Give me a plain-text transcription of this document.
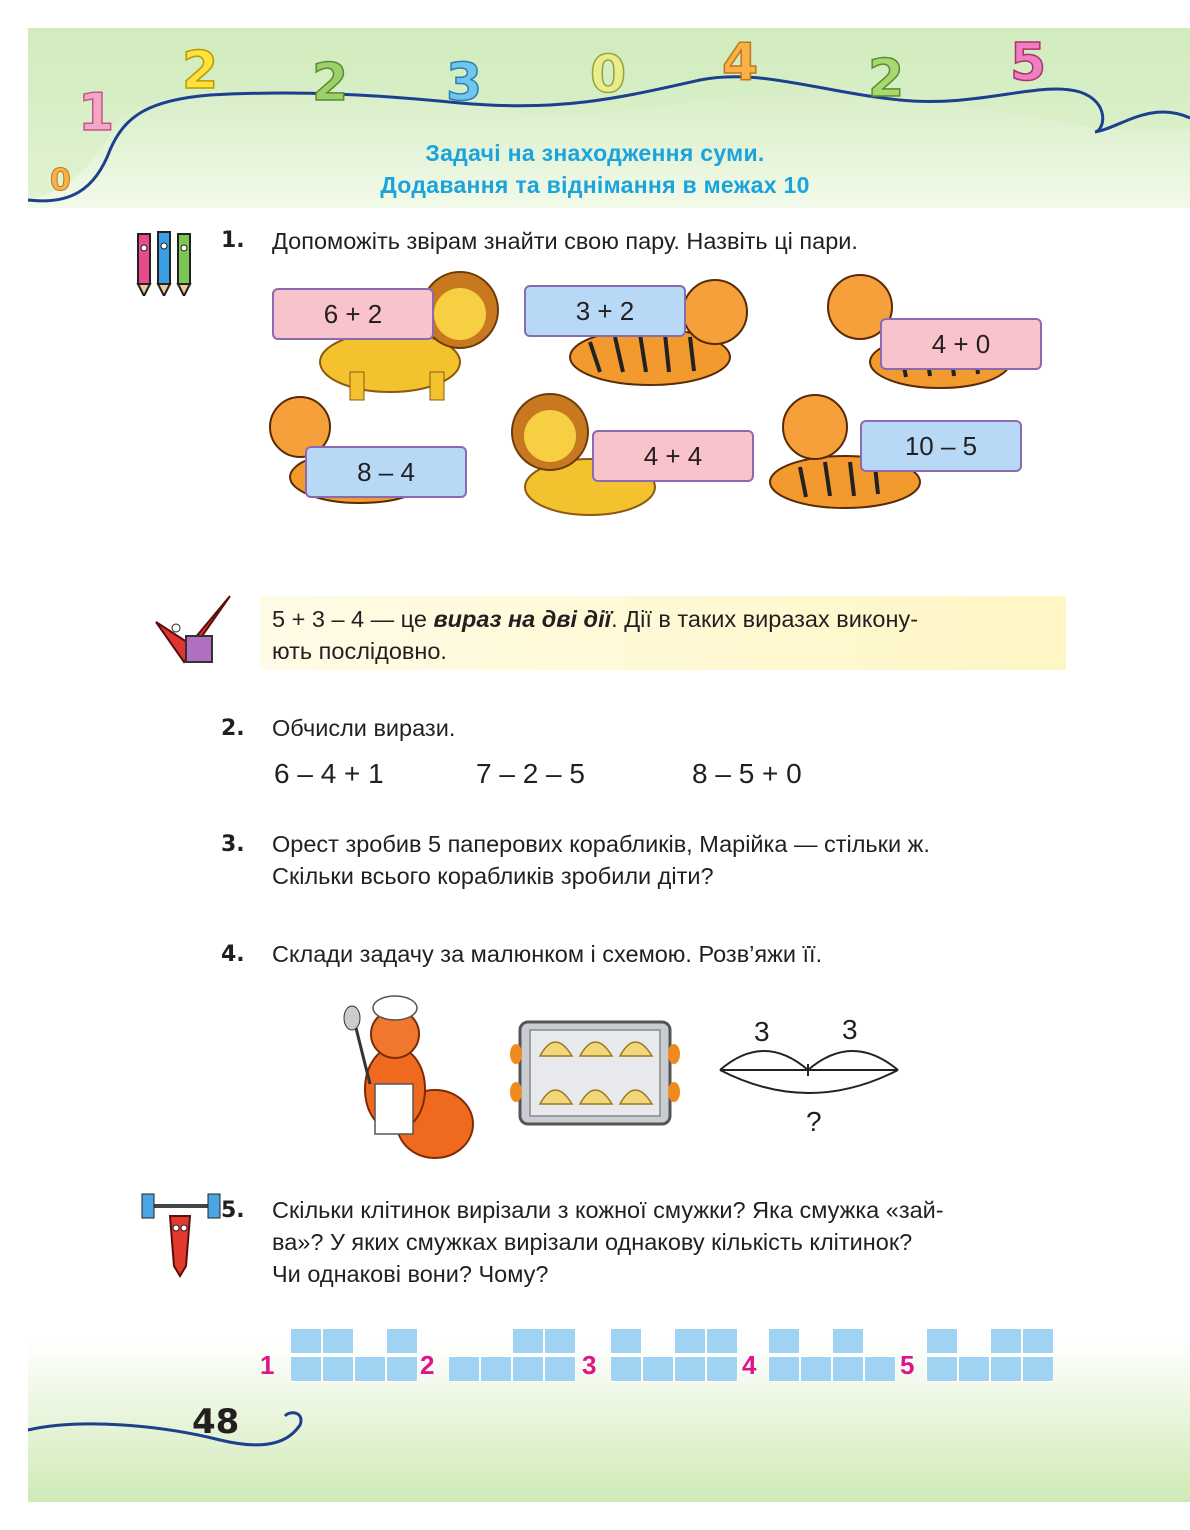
1
2 2 3 0 4 2 5
0
Задачі на знаходження суми.
Додавання та віднімання в межах 10
1. Допоможіть звірам знайти свою пару. Назвіть ці пари.
6 + 2	3 + 2
4 + 0
8 – 4
4 + 4	10 – 5
5 + 3 – 4 — це вираз на дві дії. Дії в таких виразах викону-
ють послідовно.
2. Обчисли вирази.
6 – 4 + 1	7 – 2 – 5	8 – 5 + 0
3. Орест зробив 5 паперових корабликів, Марійка — стільки ж.
Скільки всього корабликів зробили діти?
4. Склади задачу за малюнком і схемою. Розв’яжи її.
3	3
?
5. Скільки клітинок вирізали з кожної смужки? Яка смужка «зай-
ва»? У яких смужках вирізали однакову кількість клітинок?
Чи однакові вони? Чому?
1	2	3	4	5
48
